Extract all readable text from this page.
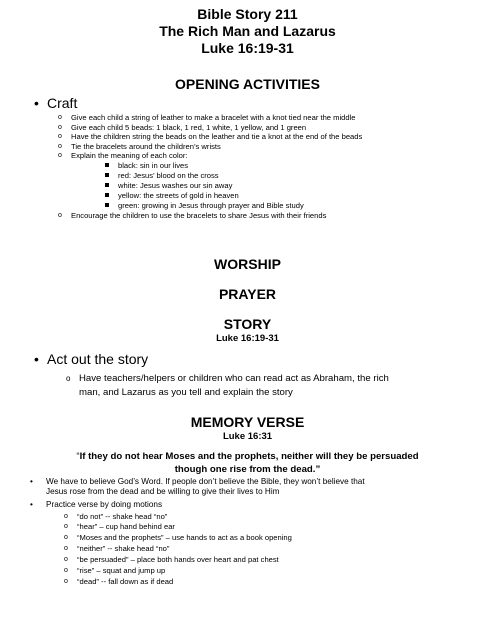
Bible Story 211
The Rich Man and Lazarus
Luke 16:19-31
OPENING ACTIVITIES
• Craft
o Give each child a string of leather to make a bracelet with a knot tied near the middle
o Give each child 5 beads: 1 black, 1 red, 1 white, 1 yellow, and 1 green
o Have the children string the beads on the leather and tie a knot at the end of the beads
o Tie the bracelets around the children’s wrists
o Explain the meaning of each color:
black: sin in our lives
red: Jesus’ blood on the cross
white: Jesus washes our sin away
yellow: the streets of gold in heaven
green: growing in Jesus through prayer and Bible study
o Encourage the children to use the bracelets to share Jesus with their friends
WORSHIP
PRAYER
STORY
Luke 16:19-31
• Act out the story
o Have teachers/helpers or children who can read act as Abraham, the rich
man, and Lazarus as you tell and explain the story
MEMORY VERSE
Luke 16:31
“If they do not hear Moses and the prophets, neither will they be persuaded
though one rise from the dead.”
•	We have to believe God’s Word. If people don’t believe the Bible, they won’t believe that
Jesus rose from the dead and be willing to give their lives to Him
•	Practice verse by doing motions
o “do not” -- shake head “no”
o “hear” – cup hand behind ear
o “Moses and the prophets” – use hands to act as a book opening
o “neither” -- shake head “no”
o “be persuaded” – place both hands over heart and pat chest
o “rise” – squat and jump up
o “dead” -- fall down as if dead
